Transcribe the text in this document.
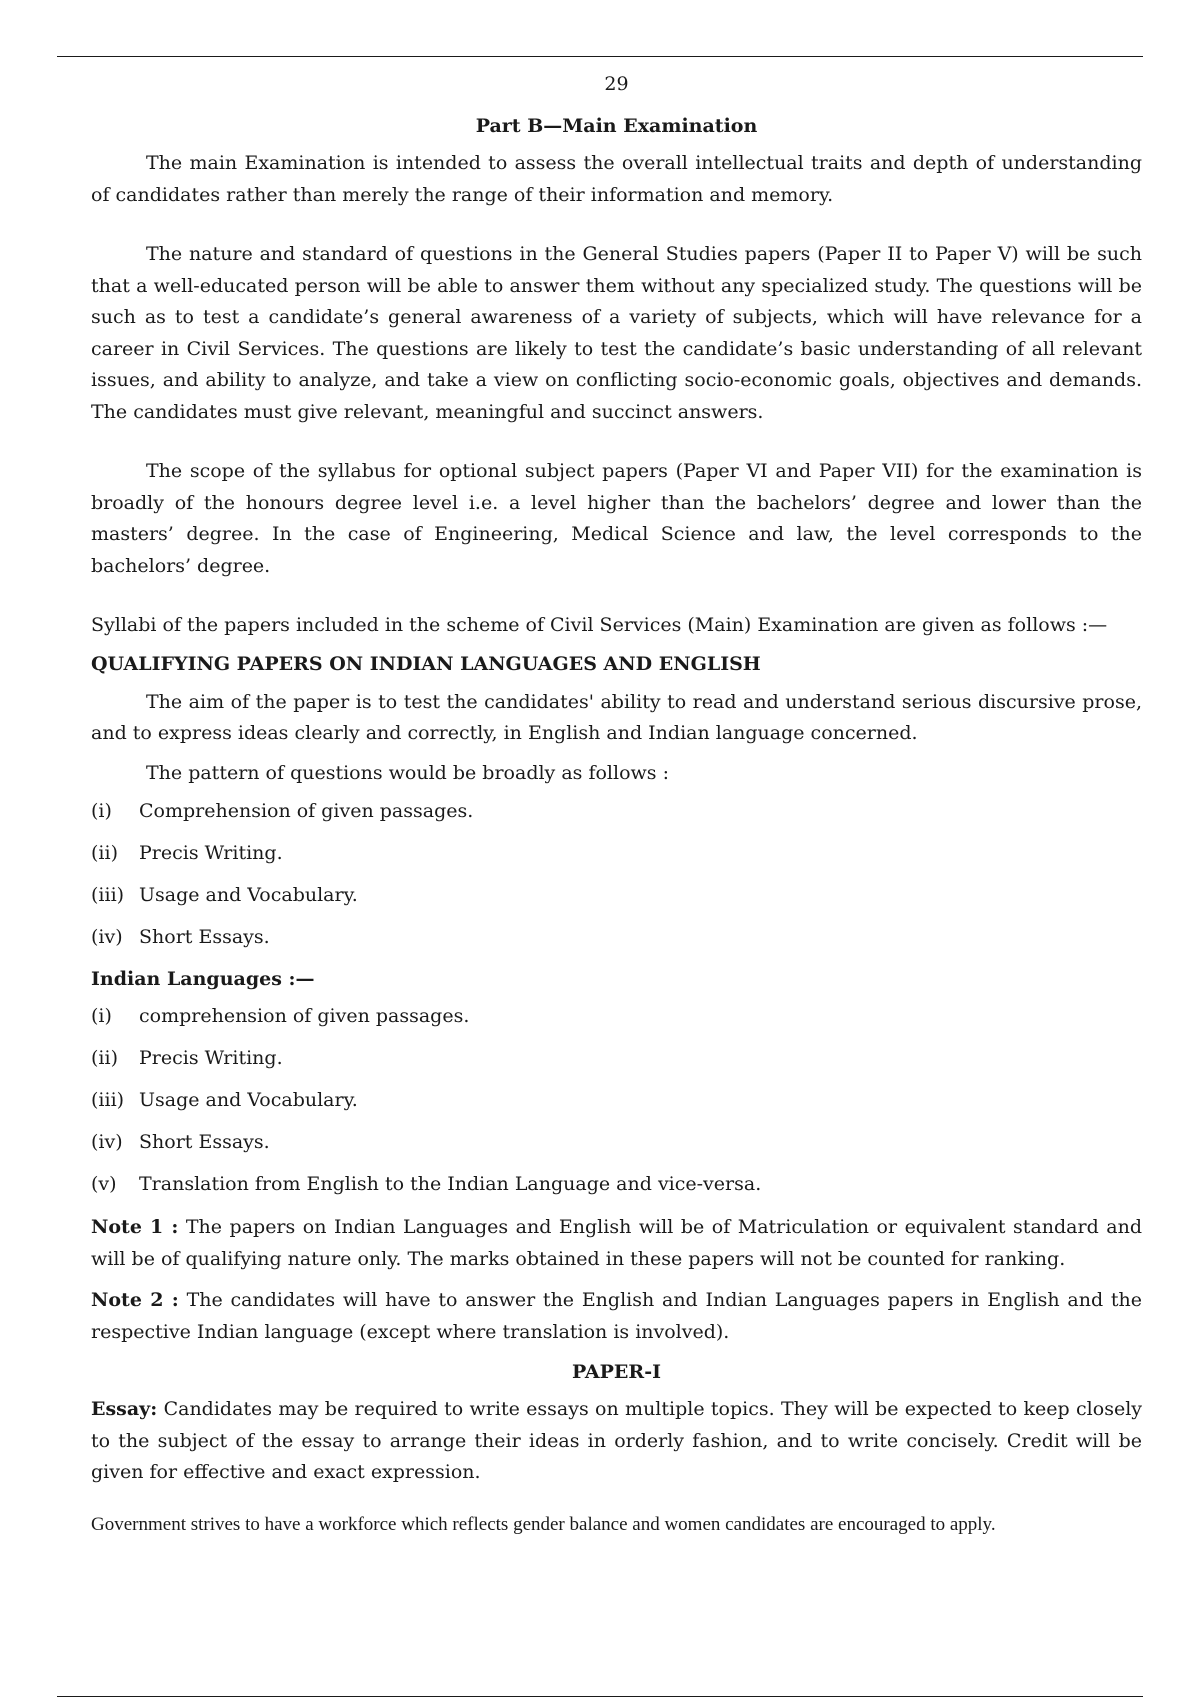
29
Part B—Main Examination

The main Examination is intended to assess the overall intellectual traits and depth of understanding of candidates rather than merely the range of their information and memory.

The nature and standard of questions in the General Studies papers (Paper II to Paper V) will be such that a well-educated person will be able to answer them without any specialized study. The questions will be such as to test a candidate’s general awareness of a variety of subjects, which will have relevance for a career in Civil Services. The questions are likely to test the candidate’s basic understanding of all relevant issues, and ability to analyze, and take a view on conflicting socio-economic goals, objectives and demands. The candidates must give relevant, meaningful and succinct answers.

The scope of the syllabus for optional subject papers (Paper VI and Paper VII) for the examination is broadly of the honours degree level i.e. a level higher than the bachelors’ degree and lower than the masters’ degree. In the case of Engineering, Medical Science and law, the level corresponds to the bachelors’ degree.

Syllabi of the papers included in the scheme of Civil Services (Main) Examination are given as follows :—

QUALIFYING PAPERS ON INDIAN LANGUAGES AND ENGLISH

The aim of the paper is to test the candidates' ability to read and understand serious discursive prose, and to express ideas clearly and correctly, in English and Indian language concerned.

The pattern of questions would be broadly as follows :

(i)	Comprehension of given passages.
(ii)	Precis Writing.
(iii) Usage and Vocabulary.
(iv) Short Essays.
Indian Languages :—
(i)	comprehension of given passages.
(ii)	Precis Writing.
(iii) Usage and Vocabulary.
(iv) Short Essays.
(v)	Translation from English to the Indian Language and vice-versa.

Note 1 : The papers on Indian Languages and English will be of Matriculation or equivalent standard and will be of qualifying nature only. The marks obtained in these papers will not be counted for ranking.

Note 2 : The candidates will have to answer the English and Indian Languages papers in English and the respective Indian language (except where translation is involved).

PAPER-I

Essay: Candidates may be required to write essays on multiple topics. They will be expected to keep closely to the subject of the essay to arrange their ideas in orderly fashion, and to write concisely. Credit will be given for effective and exact expression.

Government strives to have a workforce which reflects gender balance and women candidates are encouraged to apply.
